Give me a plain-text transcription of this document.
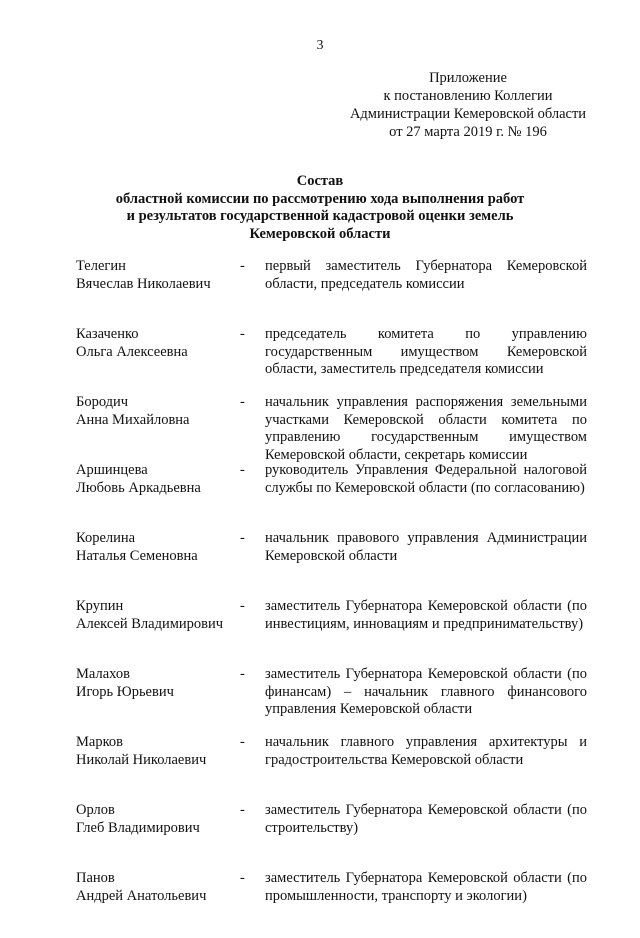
3
Приложение
к постановлению Коллегии
Администрации Кемеровской области
от 27 марта 2019 г. № 196
Состав
областной комиссии по рассмотрению хода выполнения работ
и результатов государственной кадастровой оценки земель
Кемеровской области
Телегин
Вячеслав Николаевич
- первый заместитель Губернатора Кемеровской области, председатель комиссии
Казаченко
Ольга Алексеевна
- председатель комитета по управлению государственным имуществом Кемеровской области, заместитель председателя комиссии
Бородич
Анна Михайловна
- начальник управления распоряжения земельными участками Кемеровской области комитета по управлению государственным имуществом Кемеровской области, секретарь комиссии
Аршинцева
Любовь Аркадьевна
- руководитель Управления Федеральной налоговой службы по Кемеровской области (по согласованию)
Корелина
Наталья Семеновна
- начальник правового управления Администрации Кемеровской области
Крупин
Алексей Владимирович
- заместитель Губернатора Кемеровской области (по инвестициям, инновациям и предпринимательству)
Малахов
Игорь Юрьевич
- заместитель Губернатора Кемеровской области (по финансам) – начальник главного финансового управления Кемеровской области
Марков
Николай Николаевич
- начальник главного управления архитектуры и градостроительства Кемеровской области
Орлов
Глеб Владимирович
- заместитель Губернатора Кемеровской области (по строительству)
Панов
Андрей Анатольевич
- заместитель Губернатора Кемеровской области (по промышленности, транспорту и экологии)
